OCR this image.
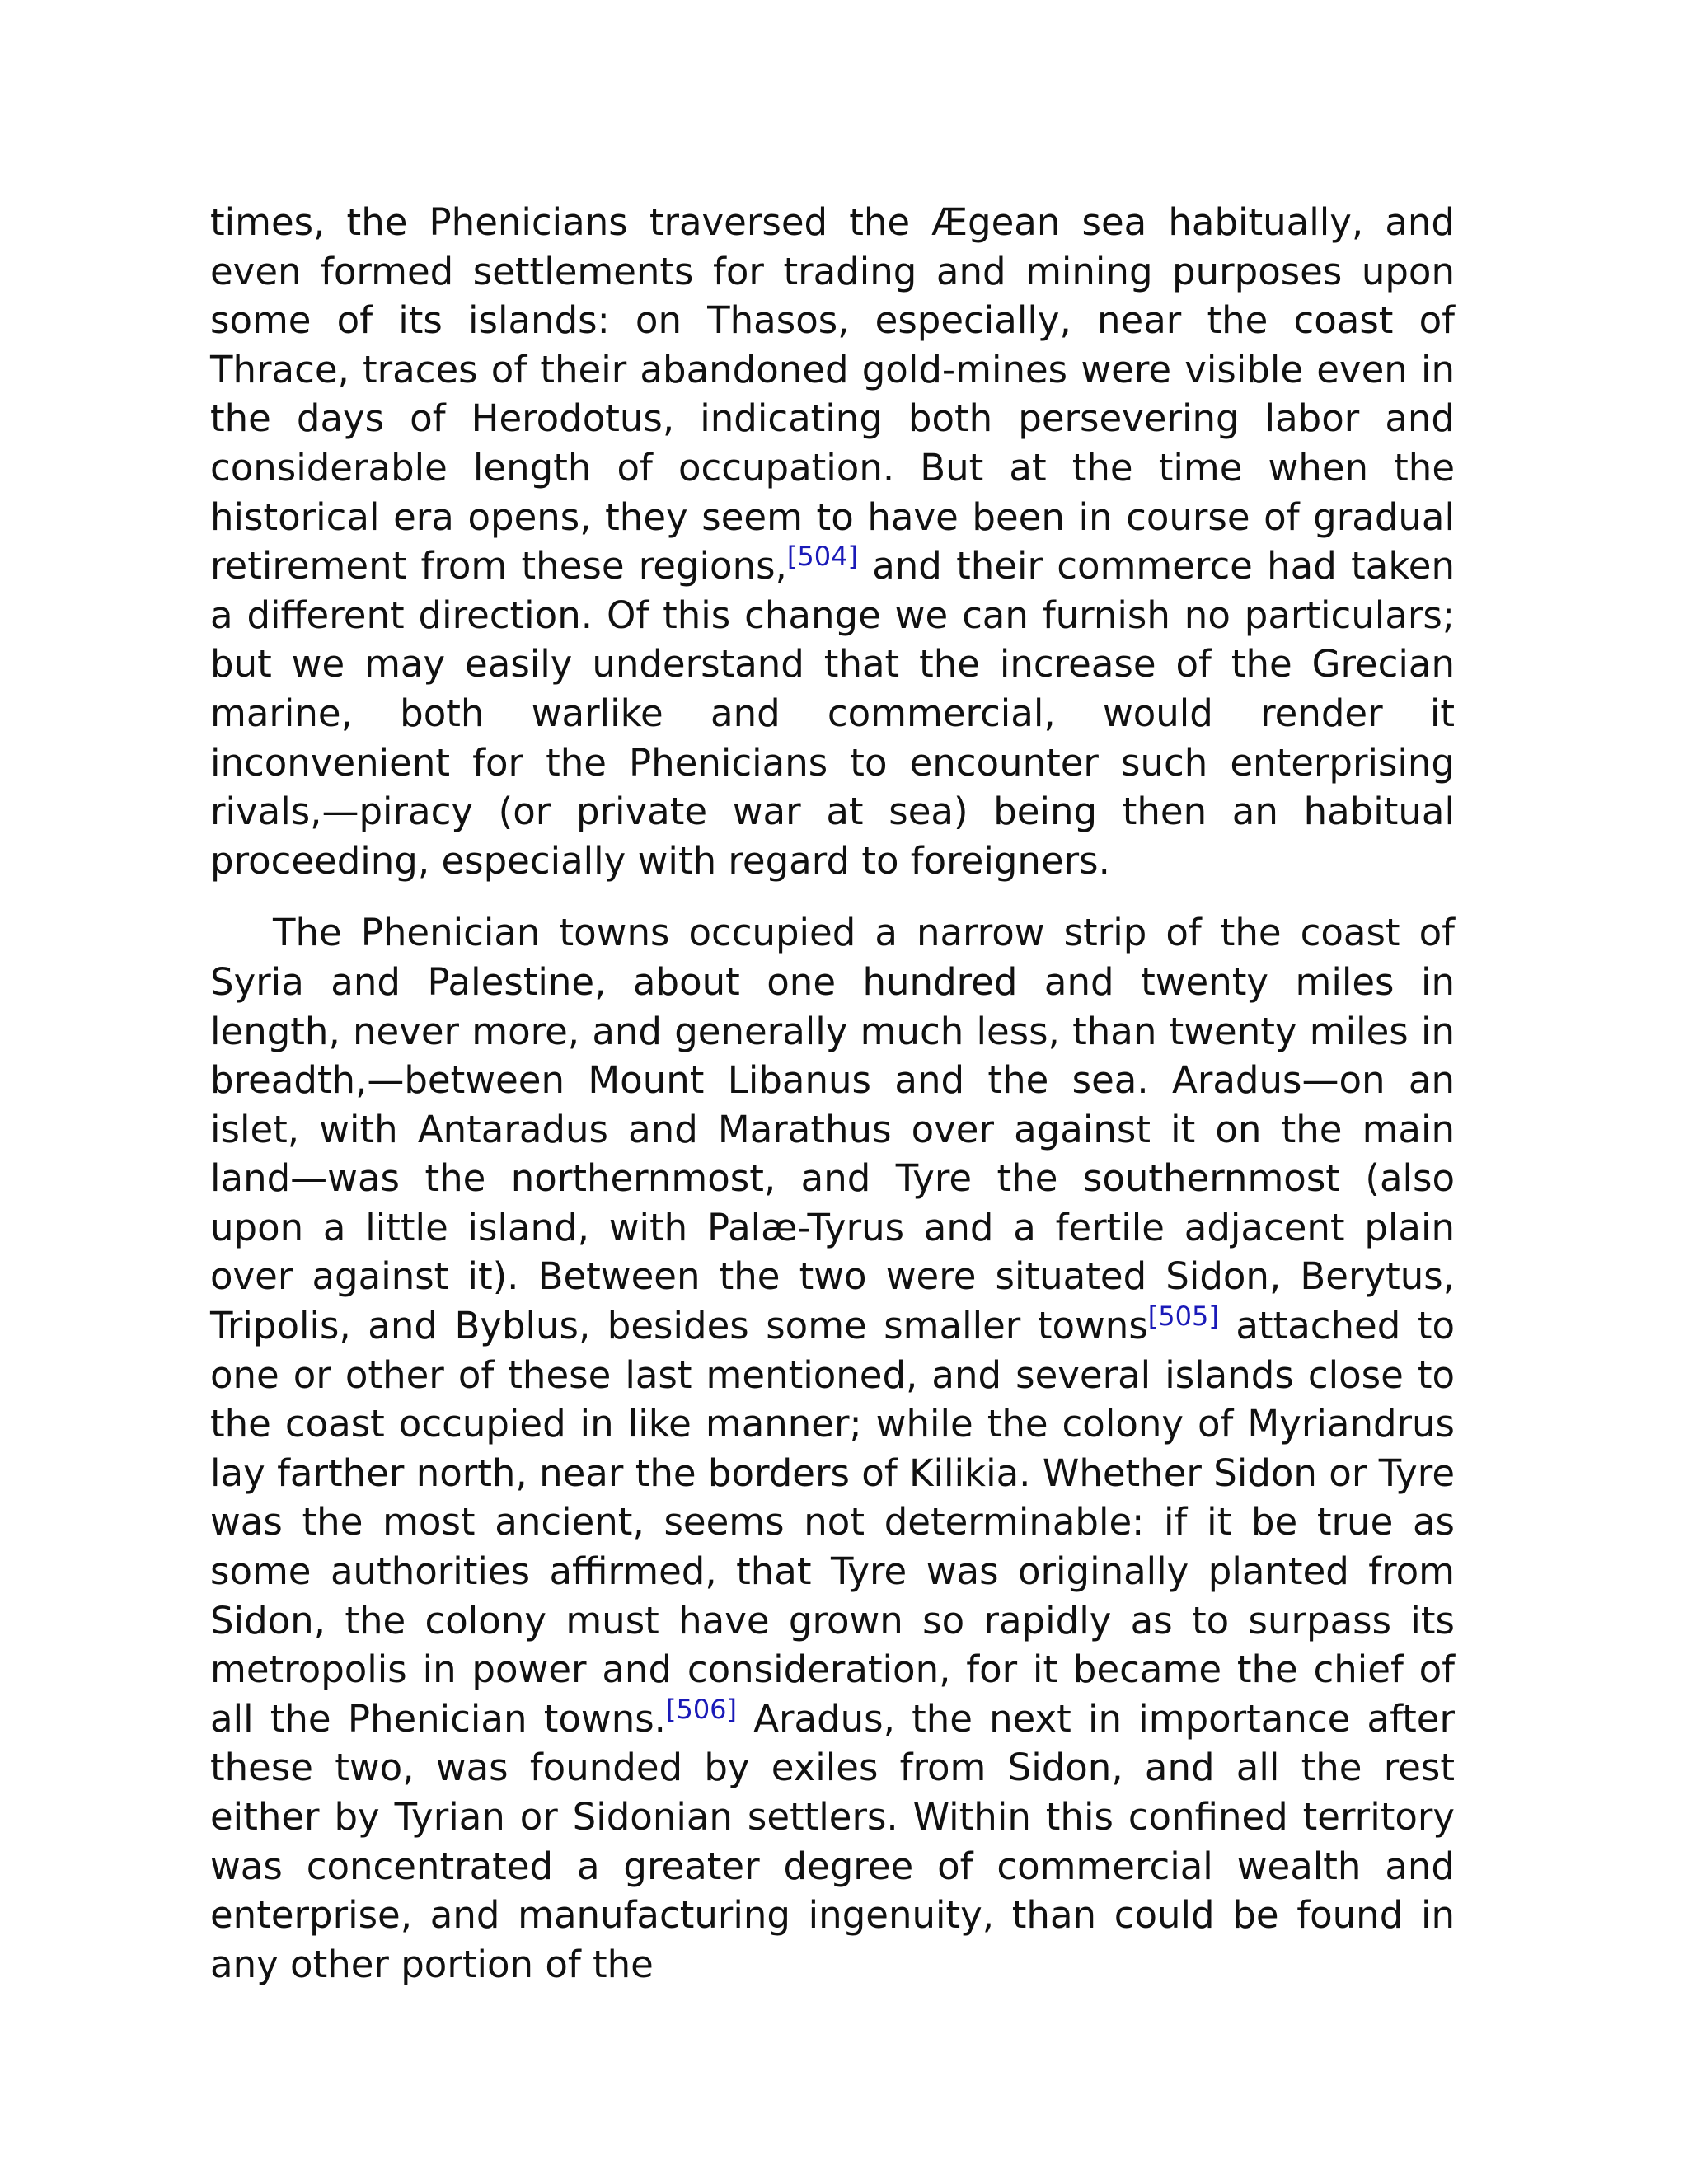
times, the Phenicians traversed the Ægean sea habitually, and even formed settlements for trading and mining purposes upon some of its islands: on Thasos, especially, near the coast of Thrace, traces of their abandoned gold-mines were visible even in the days of Herodotus, indicating both persevering labor and considerable length of occupation. But at the time when the historical era opens, they seem to have been in course of gradual retirement from these regions,[504] and their commerce had taken a different direction. Of this change we can furnish no particulars; but we may easily understand that the increase of the Grecian marine, both warlike and commercial, would render it inconvenient for the Phenicians to encounter such enterprising rivals,—piracy (or private war at sea) being then an habitual proceeding, especially with regard to foreigners.

The Phenician towns occupied a narrow strip of the coast of Syria and Palestine, about one hundred and twenty miles in length, never more, and generally much less, than twenty miles in breadth,—between Mount Libanus and the sea. Aradus—on an islet, with Antaradus and Marathus over against it on the main land—was the northernmost, and Tyre the southernmost (also upon a little island, with Palæ-Tyrus and a fertile adjacent plain over against it). Between the two were situated Sidon, Berytus, Tripolis, and Byblus, besides some smaller towns[505] attached to one or other of these last mentioned, and several islands close to the coast occupied in like manner; while the colony of Myriandrus lay farther north, near the borders of Kilikia. Whether Sidon or Tyre was the most ancient, seems not determinable: if it be true as some authorities affirmed, that Tyre was originally planted from Sidon, the colony must have grown so rapidly as to surpass its metropolis in power and consideration, for it became the chief of all the Phenician towns.[506] Aradus, the next in importance after these two, was founded by exiles from Sidon, and all the rest either by Tyrian or Sidonian settlers. Within this confined territory was concentrated a greater degree of commercial wealth and enterprise, and manufacturing ingenuity, than could be found in any other portion of the
